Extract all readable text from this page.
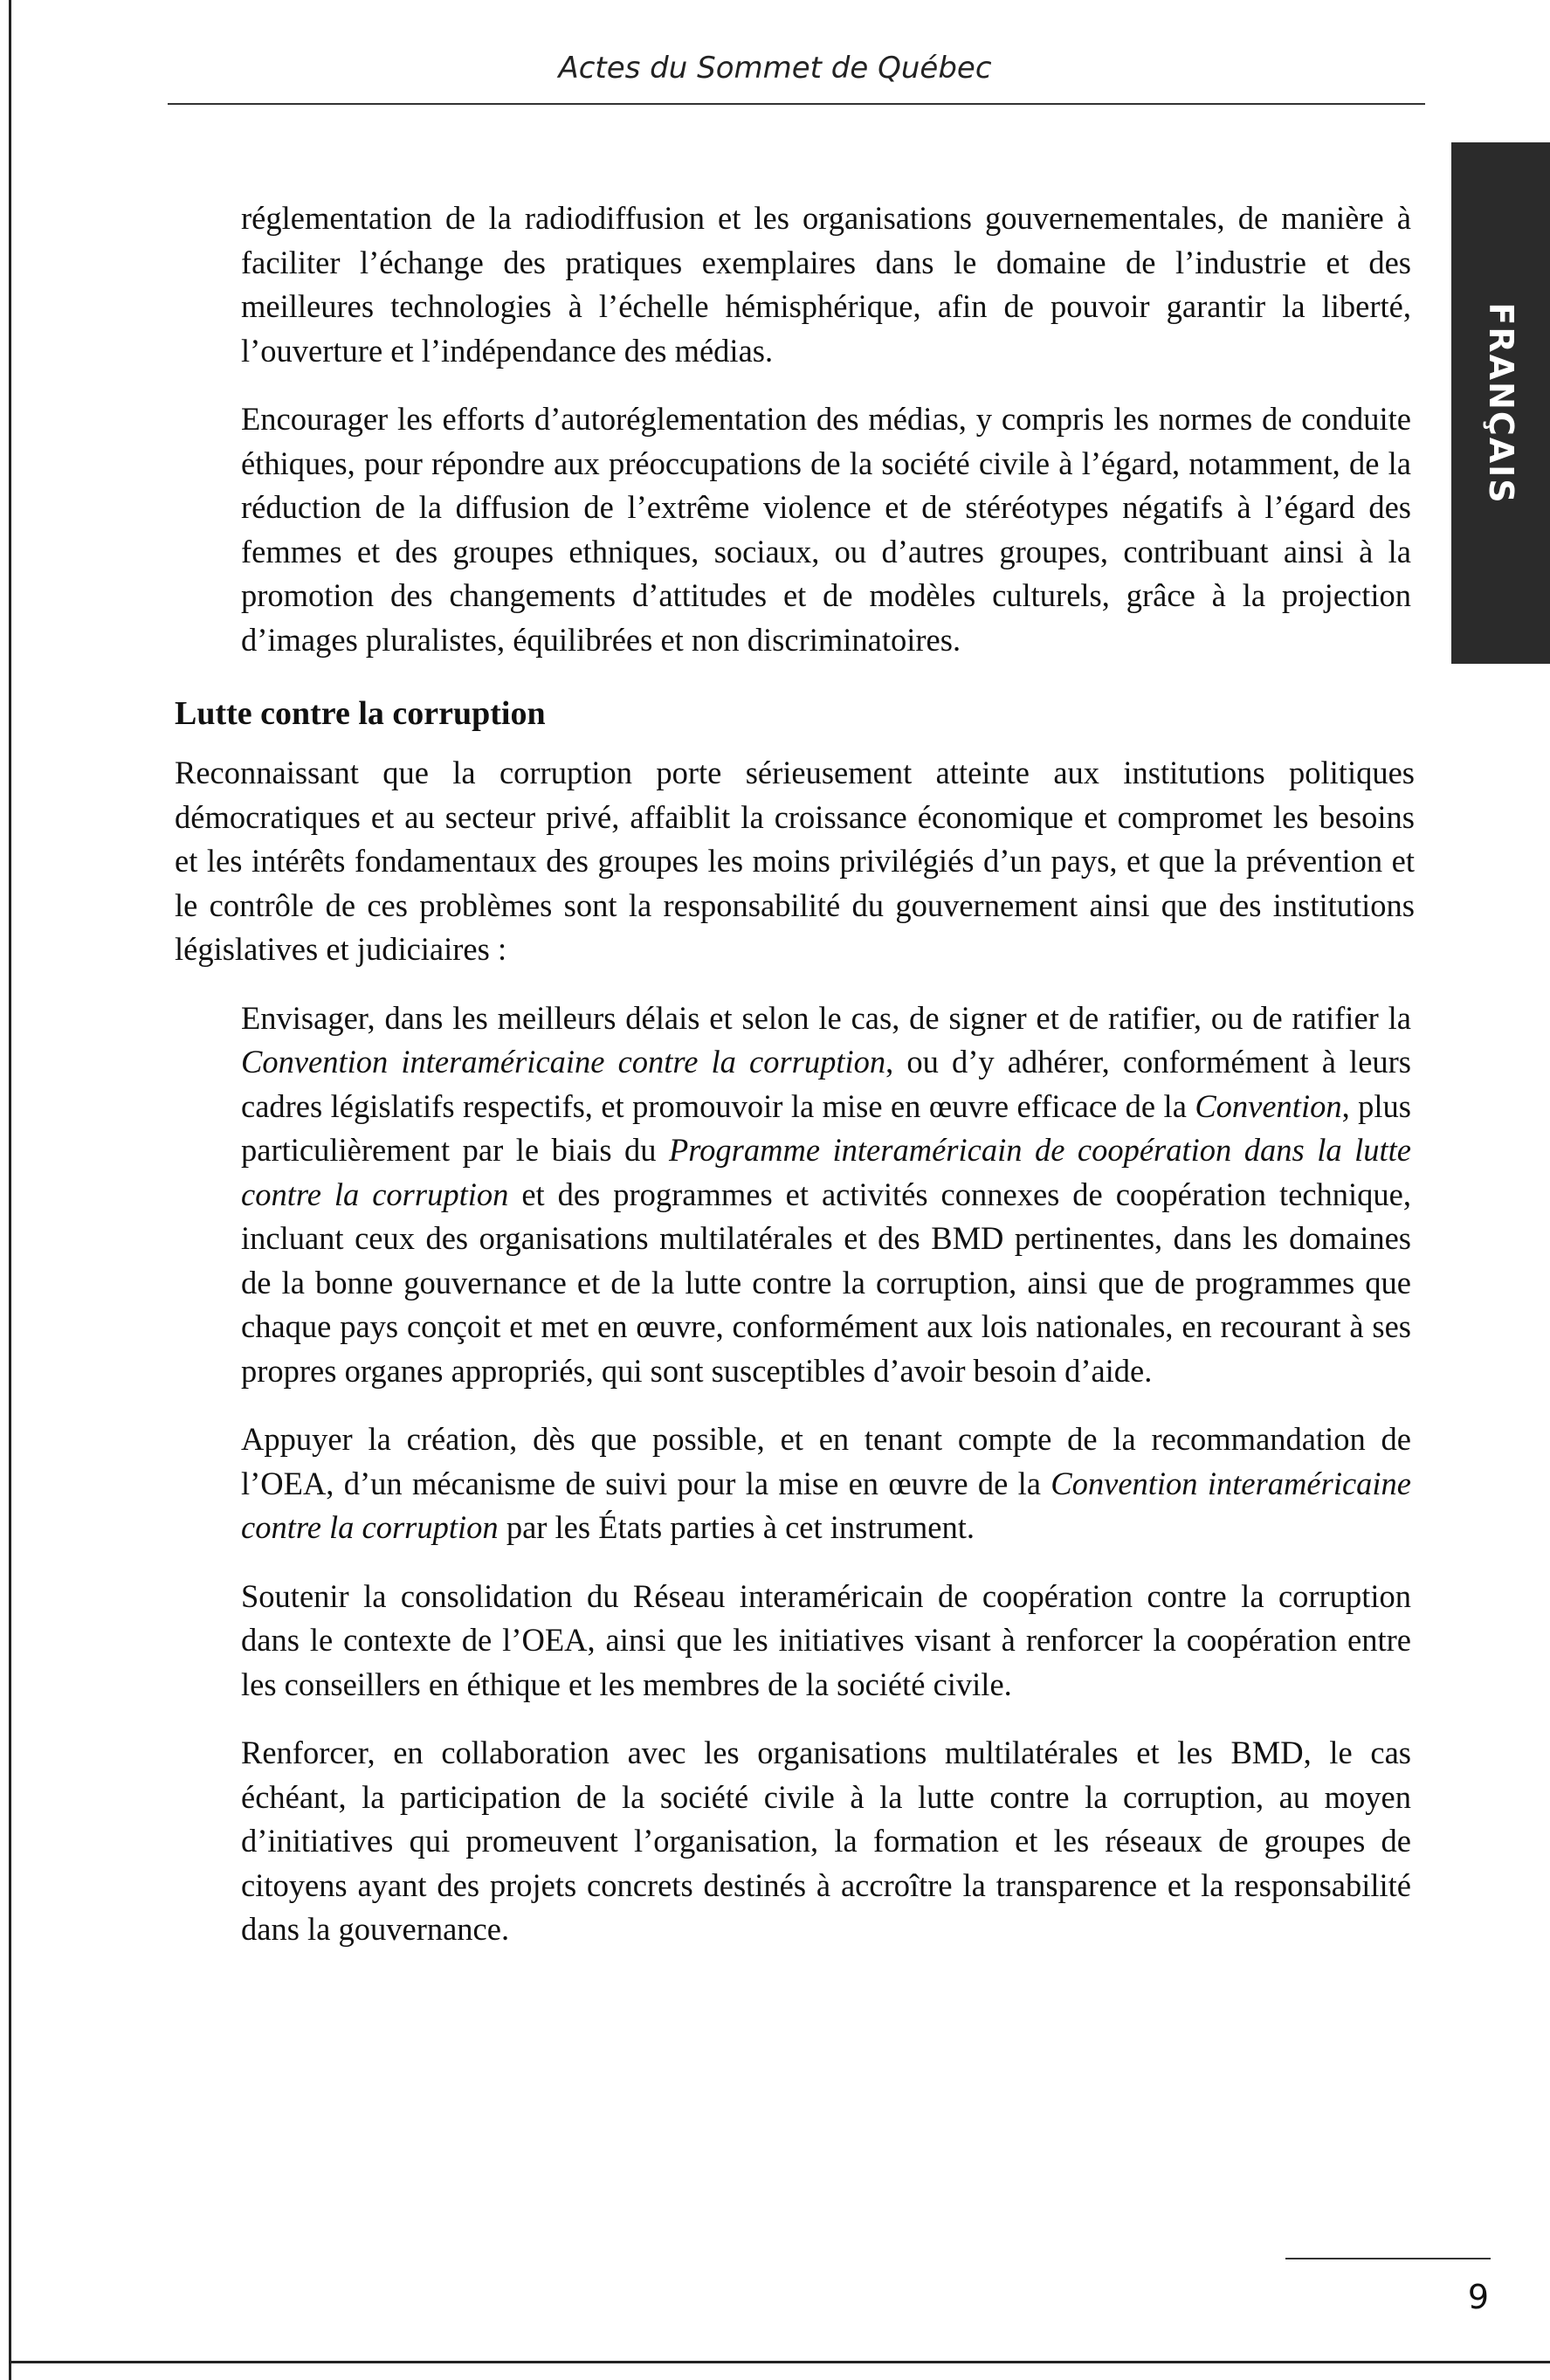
Actes du Sommet de Québec
FRANÇAIS

réglementation de la radiodiffusion et les organisations gouvernementales, de manière à faciliter l’échange des pratiques exemplaires dans le domaine de l’industrie et des meilleures technologies à l’échelle hémisphérique, afin de pouvoir garantir la liberté, l’ouverture et l’indépendance des médias.

Encourager les efforts d’autoréglementation des médias, y compris les normes de conduite éthiques, pour répondre aux préoccupations de la société civile à l’égard, notamment, de la réduction de la diffusion de l’extrême violence et de stéréotypes négatifs à l’égard des femmes et des groupes ethniques, sociaux, ou d’autres groupes, contribuant ainsi à la promotion des changements d’attitudes et de modèles culturels, grâce à la projection d’images pluralistes, équilibrées et non discriminatoires.

Lutte contre la corruption

Reconnaissant que la corruption porte sérieusement atteinte aux institutions politiques démocratiques et au secteur privé, affaiblit la croissance économique et compromet les besoins et les intérêts fondamentaux des groupes les moins privilégiés d’un pays, et que la prévention et le contrôle de ces problèmes sont la responsabilité du gouvernement ainsi que des institutions législatives et judiciaires :

Envisager, dans les meilleurs délais et selon le cas, de signer et de ratifier, ou de ratifier la Convention interaméricaine contre la corruption, ou d’y adhérer, conformément à leurs cadres législatifs respectifs, et promouvoir la mise en œuvre efficace de la Convention, plus particulièrement par le biais du Programme interaméricain de coopération dans la lutte contre la corruption et des programmes et activités connexes de coopération technique, incluant ceux des organisations multilatérales et des BMD pertinentes, dans les domaines de la bonne gouvernance et de la lutte contre la corruption, ainsi que de programmes que chaque pays conçoit et met en œuvre, conformément aux lois nationales, en recourant à ses propres organes appropriés, qui sont susceptibles d’avoir besoin d’aide.

Appuyer la création, dès que possible, et en tenant compte de la recommandation de l’OEA, d’un mécanisme de suivi pour la mise en œuvre de la Convention interaméricaine contre la corruption par les États parties à cet instrument.

Soutenir la consolidation du Réseau interaméricain de coopération contre la corruption dans le contexte de l’OEA, ainsi que les initiatives visant à renforcer la coopération entre les conseillers en éthique et les membres de la société civile.

Renforcer, en collaboration avec les organisations multilatérales et les BMD, le cas échéant, la participation de la société civile à la lutte contre la corruption, au moyen d’initiatives qui promeuvent l’organisation, la formation et les réseaux de groupes de citoyens ayant des projets concrets destinés à accroître la transparence et la responsabilité dans la gouvernance.

9
